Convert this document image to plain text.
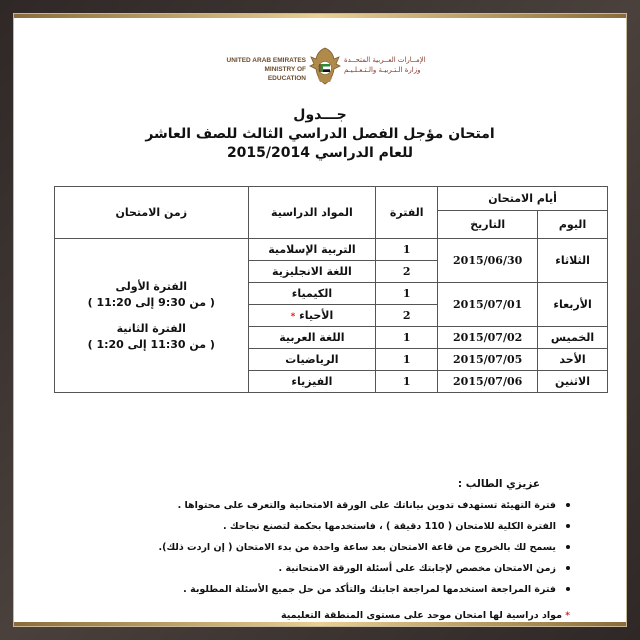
UNITED ARAB EMIRATES
MINISTRY OF EDUCATION
الإمــارات العــربية المتحــدة
وزارة الـتـربيـة والـتـعـلـيـم
جـــدول
امتحان مؤجل الفصل الدراسي الثالث للصف العاشر
للعام الدراسي 2015/2014
أيام الامتحان		الفترة	المواد الدراسية	زمن الامتحان
اليوم	التاريخ			
الثلاثاء	2015/06/30	1	التربية الإسلامية	الفترة الأولى
( من 9:30 إلى 11:20 )
الفترة الثانية
( من 11:30 إلى 1:20 )

		2	اللغة الانجليزية	
الأربعاء	2015/07/01	1	الكيمياء	
		2	الأحياء *	
الخميس	2015/07/02	1	اللغة العربية	
الأحد	2015/07/05	1	الرياضيات	
الاثنين	2015/07/06	1	الفيزياء	
عزيزي الطالب :
فترة التهيئة تستهدف تدوين بياناتك على الورقة الامتحانية والتعرف على محتواها .
الفترة الكلية للامتحان ( 110 دقيقة ) ، فاستخدمها بحكمة لتصنع نجاحك .
يسمح لك بالخروج من قاعة الامتحان بعد ساعة واحدة من بدء الامتحان ( إن اردت ذلك).
زمن الامتحان مخصص لإجابتك على أسئلة الورقة الامتحانية .
فترة المراجعة استخدمها لمراجعة اجابتك والتأكد من حل جميع الأسئلة المطلوبة .
* مواد دراسية لها امتحان موحد على مستوى المنطقة التعليمية
